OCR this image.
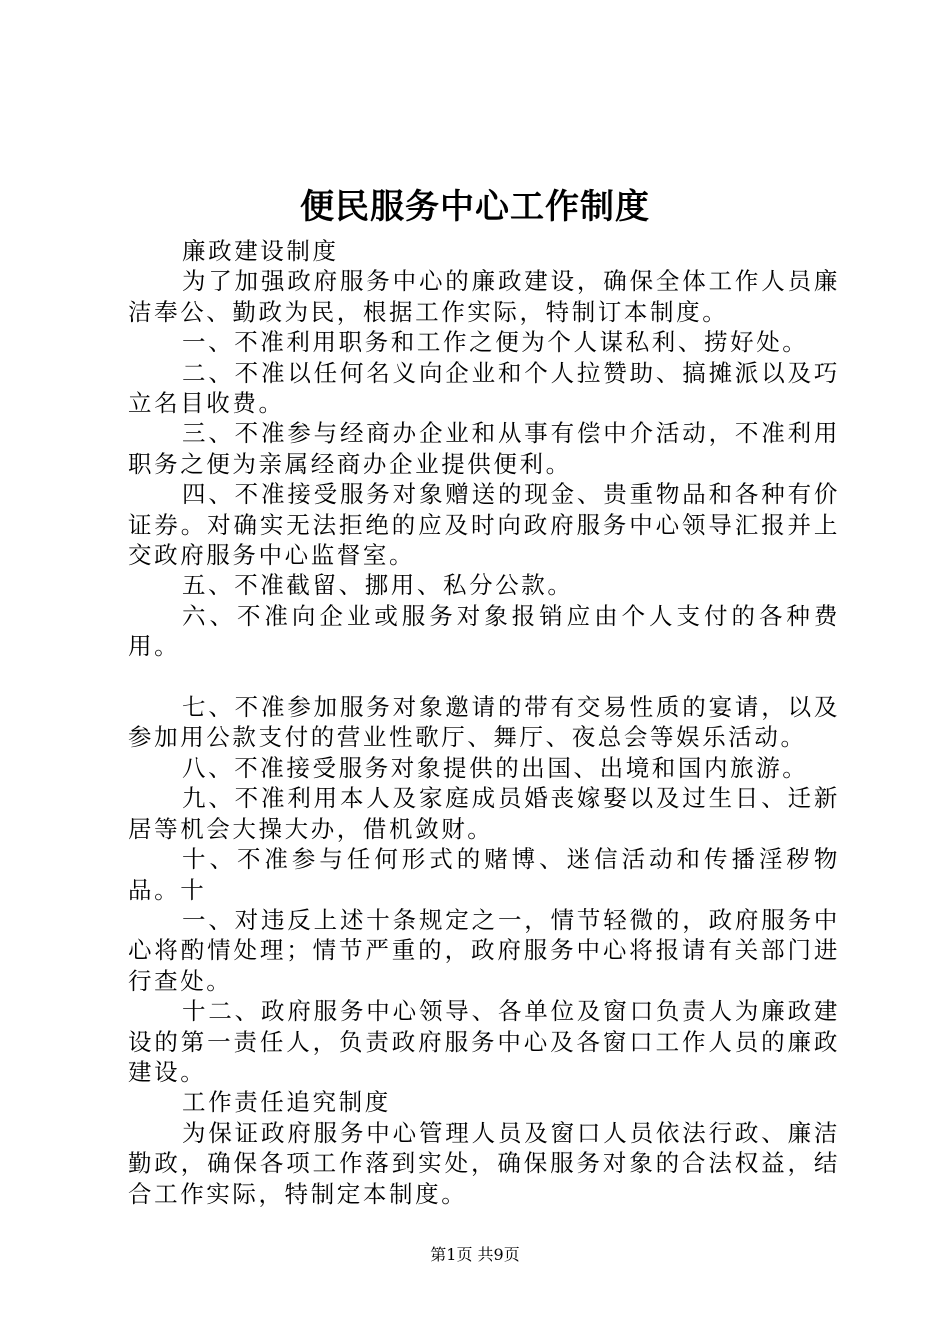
便民服务中心工作制度

廉政建设制度

为了加强政府服务中心的廉政建设，确保全体工作人员廉洁奉公、勤政为民，根据工作实际，特制订本制度。

一、不准利用职务和工作之便为个人谋私利、捞好处。

二、不准以任何名义向企业和个人拉赞助、搞摊派以及巧立名目收费。

三、不准参与经商办企业和从事有偿中介活动，不准利用职务之便为亲属经商办企业提供便利。

四、不准接受服务对象赠送的现金、贵重物品和各种有价证券。对确实无法拒绝的应及时向政府服务中心领导汇报并上交政府服务中心监督室。

五、不准截留、挪用、私分公款。

六、不准向企业或服务对象报销应由个人支付的各种费用。

七、不准参加服务对象邀请的带有交易性质的宴请，以及参加用公款支付的营业性歌厅、舞厅、夜总会等娱乐活动。

八、不准接受服务对象提供的出国、出境和国内旅游。

九、不准利用本人及家庭成员婚丧嫁娶以及过生日、迁新居等机会大操大办，借机敛财。

十、不准参与任何形式的赌博、迷信活动和传播淫秽物品。十

一、对违反上述十条规定之一，情节轻微的，政府服务中心将酌情处理；情节严重的，政府服务中心将报请有关部门进行查处。

十二、政府服务中心领导、各单位及窗口负责人为廉政建设的第一责任人，负责政府服务中心及各窗口工作人员的廉政建设。

工作责任追究制度

为保证政府服务中心管理人员及窗口人员依法行政、廉洁勤政，确保各项工作落到实处，确保服务对象的合法权益，结合工作实际，特制定本制度。

第1页 共9页
